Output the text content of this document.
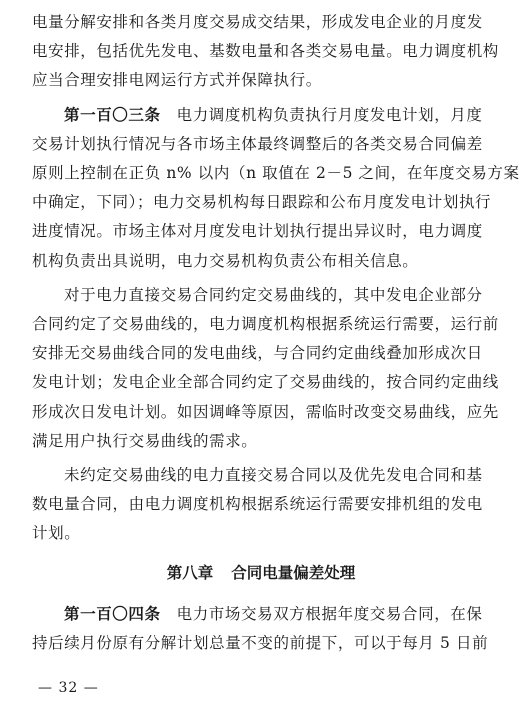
电量分解安排和各类月度交易成交结果，形成发电企业的月度发

电安排，包括优先发电、基数电量和各类交易电量。电力调度机构

应当合理安排电网运行方式并保障执行。

第一百〇三条 电力调度机构负责执行月度发电计划，月度

交易计划执行情况与各市场主体最终调整后的各类交易合同偏差

原则上控制在正负 n% 以内（n 取值在 2－5 之间，在年度交易方案

中确定，下同）；电力交易机构每日跟踪和公布月度发电计划执行

进度情况。市场主体对月度发电计划执行提出异议时，电力调度

机构负责出具说明，电力交易机构负责公布相关信息。

对于电力直接交易合同约定交易曲线的，其中发电企业部分

合同约定了交易曲线的，电力调度机构根据系统运行需要，运行前

安排无交易曲线合同的发电曲线，与合同约定曲线叠加形成次日

发电计划；发电企业全部合同约定了交易曲线的，按合同约定曲线

形成次日发电计划。如因调峰等原因，需临时改变交易曲线，应先

满足用户执行交易曲线的需求。

未约定交易曲线的电力直接交易合同以及优先发电合同和基

数电量合同，由电力调度机构根据系统运行需要安排机组的发电

计划。

第八章 合同电量偏差处理

第一百〇四条 电力市场交易双方根据年度交易合同，在保

持后续月份原有分解计划总量不变的前提下，可以于每月 5 日前

— 32 —
